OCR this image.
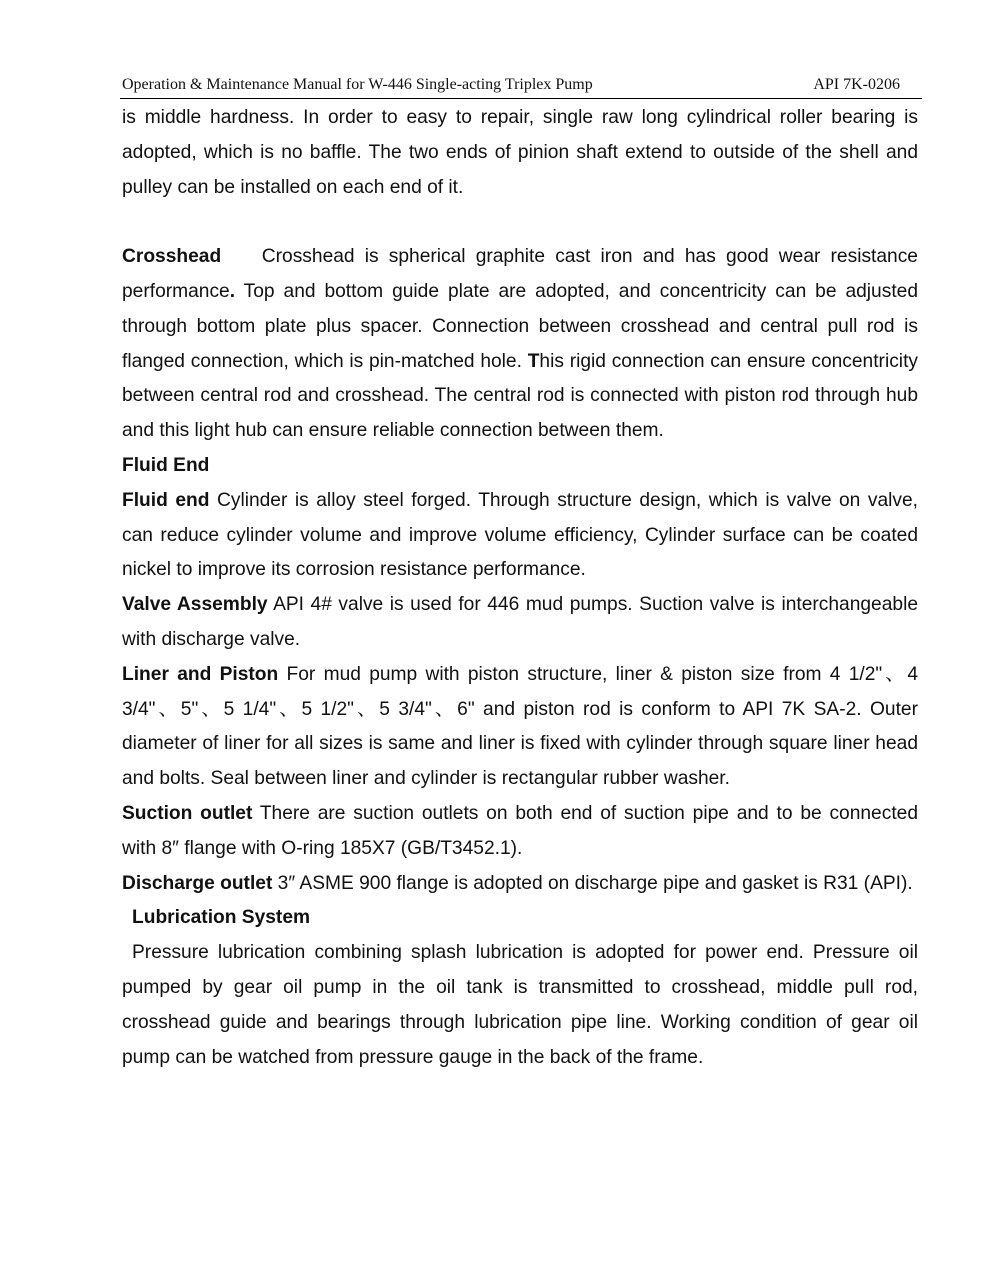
Operation & Maintenance Manual for W-446 Single-acting Triplex Pump	API 7K-0206

is middle hardness. In order to easy to repair, single raw long cylindrical roller bearing is adopted, which is no baffle. The two ends of pinion shaft extend to outside of the shell and pulley can be installed on each end of it.

Crosshead Crosshead is spherical graphite cast iron and has good wear resistance performance. Top and bottom guide plate are adopted, and concentricity can be adjusted through bottom plate plus spacer. Connection between crosshead and central pull rod is flanged connection, which is pin-matched hole. This rigid connection can ensure concentricity between central rod and crosshead. The central rod is connected with piston rod through hub and this light hub can ensure reliable connection between them.

Fluid End

Fluid end Cylinder is alloy steel forged. Through structure design, which is valve on valve, can reduce cylinder volume and improve volume efficiency, Cylinder surface can be coated nickel to improve its corrosion resistance performance.

Valve Assembly API 4# valve is used for 446 mud pumps. Suction valve is interchangeable with discharge valve.

Liner and Piston For mud pump with piston structure, liner & piston size from 4 1/2"、4 3/4"、5"、5 1/4"、5 1/2"、5 3/4"、6" and piston rod is conform to API 7K SA-2. Outer diameter of liner for all sizes is same and liner is fixed with cylinder through square liner head and bolts. Seal between liner and cylinder is rectangular rubber washer.

Suction outlet There are suction outlets on both end of suction pipe and to be connected with 8″ flange with O-ring 185X7 (GB/T3452.1).

Discharge outlet 3″ ASME 900 flange is adopted on discharge pipe and gasket is R31 (API).

Lubrication System

Pressure lubrication combining splash lubrication is adopted for power end. Pressure oil pumped by gear oil pump in the oil tank is transmitted to crosshead, middle pull rod, crosshead guide and bearings through lubrication pipe line. Working condition of gear oil pump can be watched from pressure gauge in the back of the frame.
